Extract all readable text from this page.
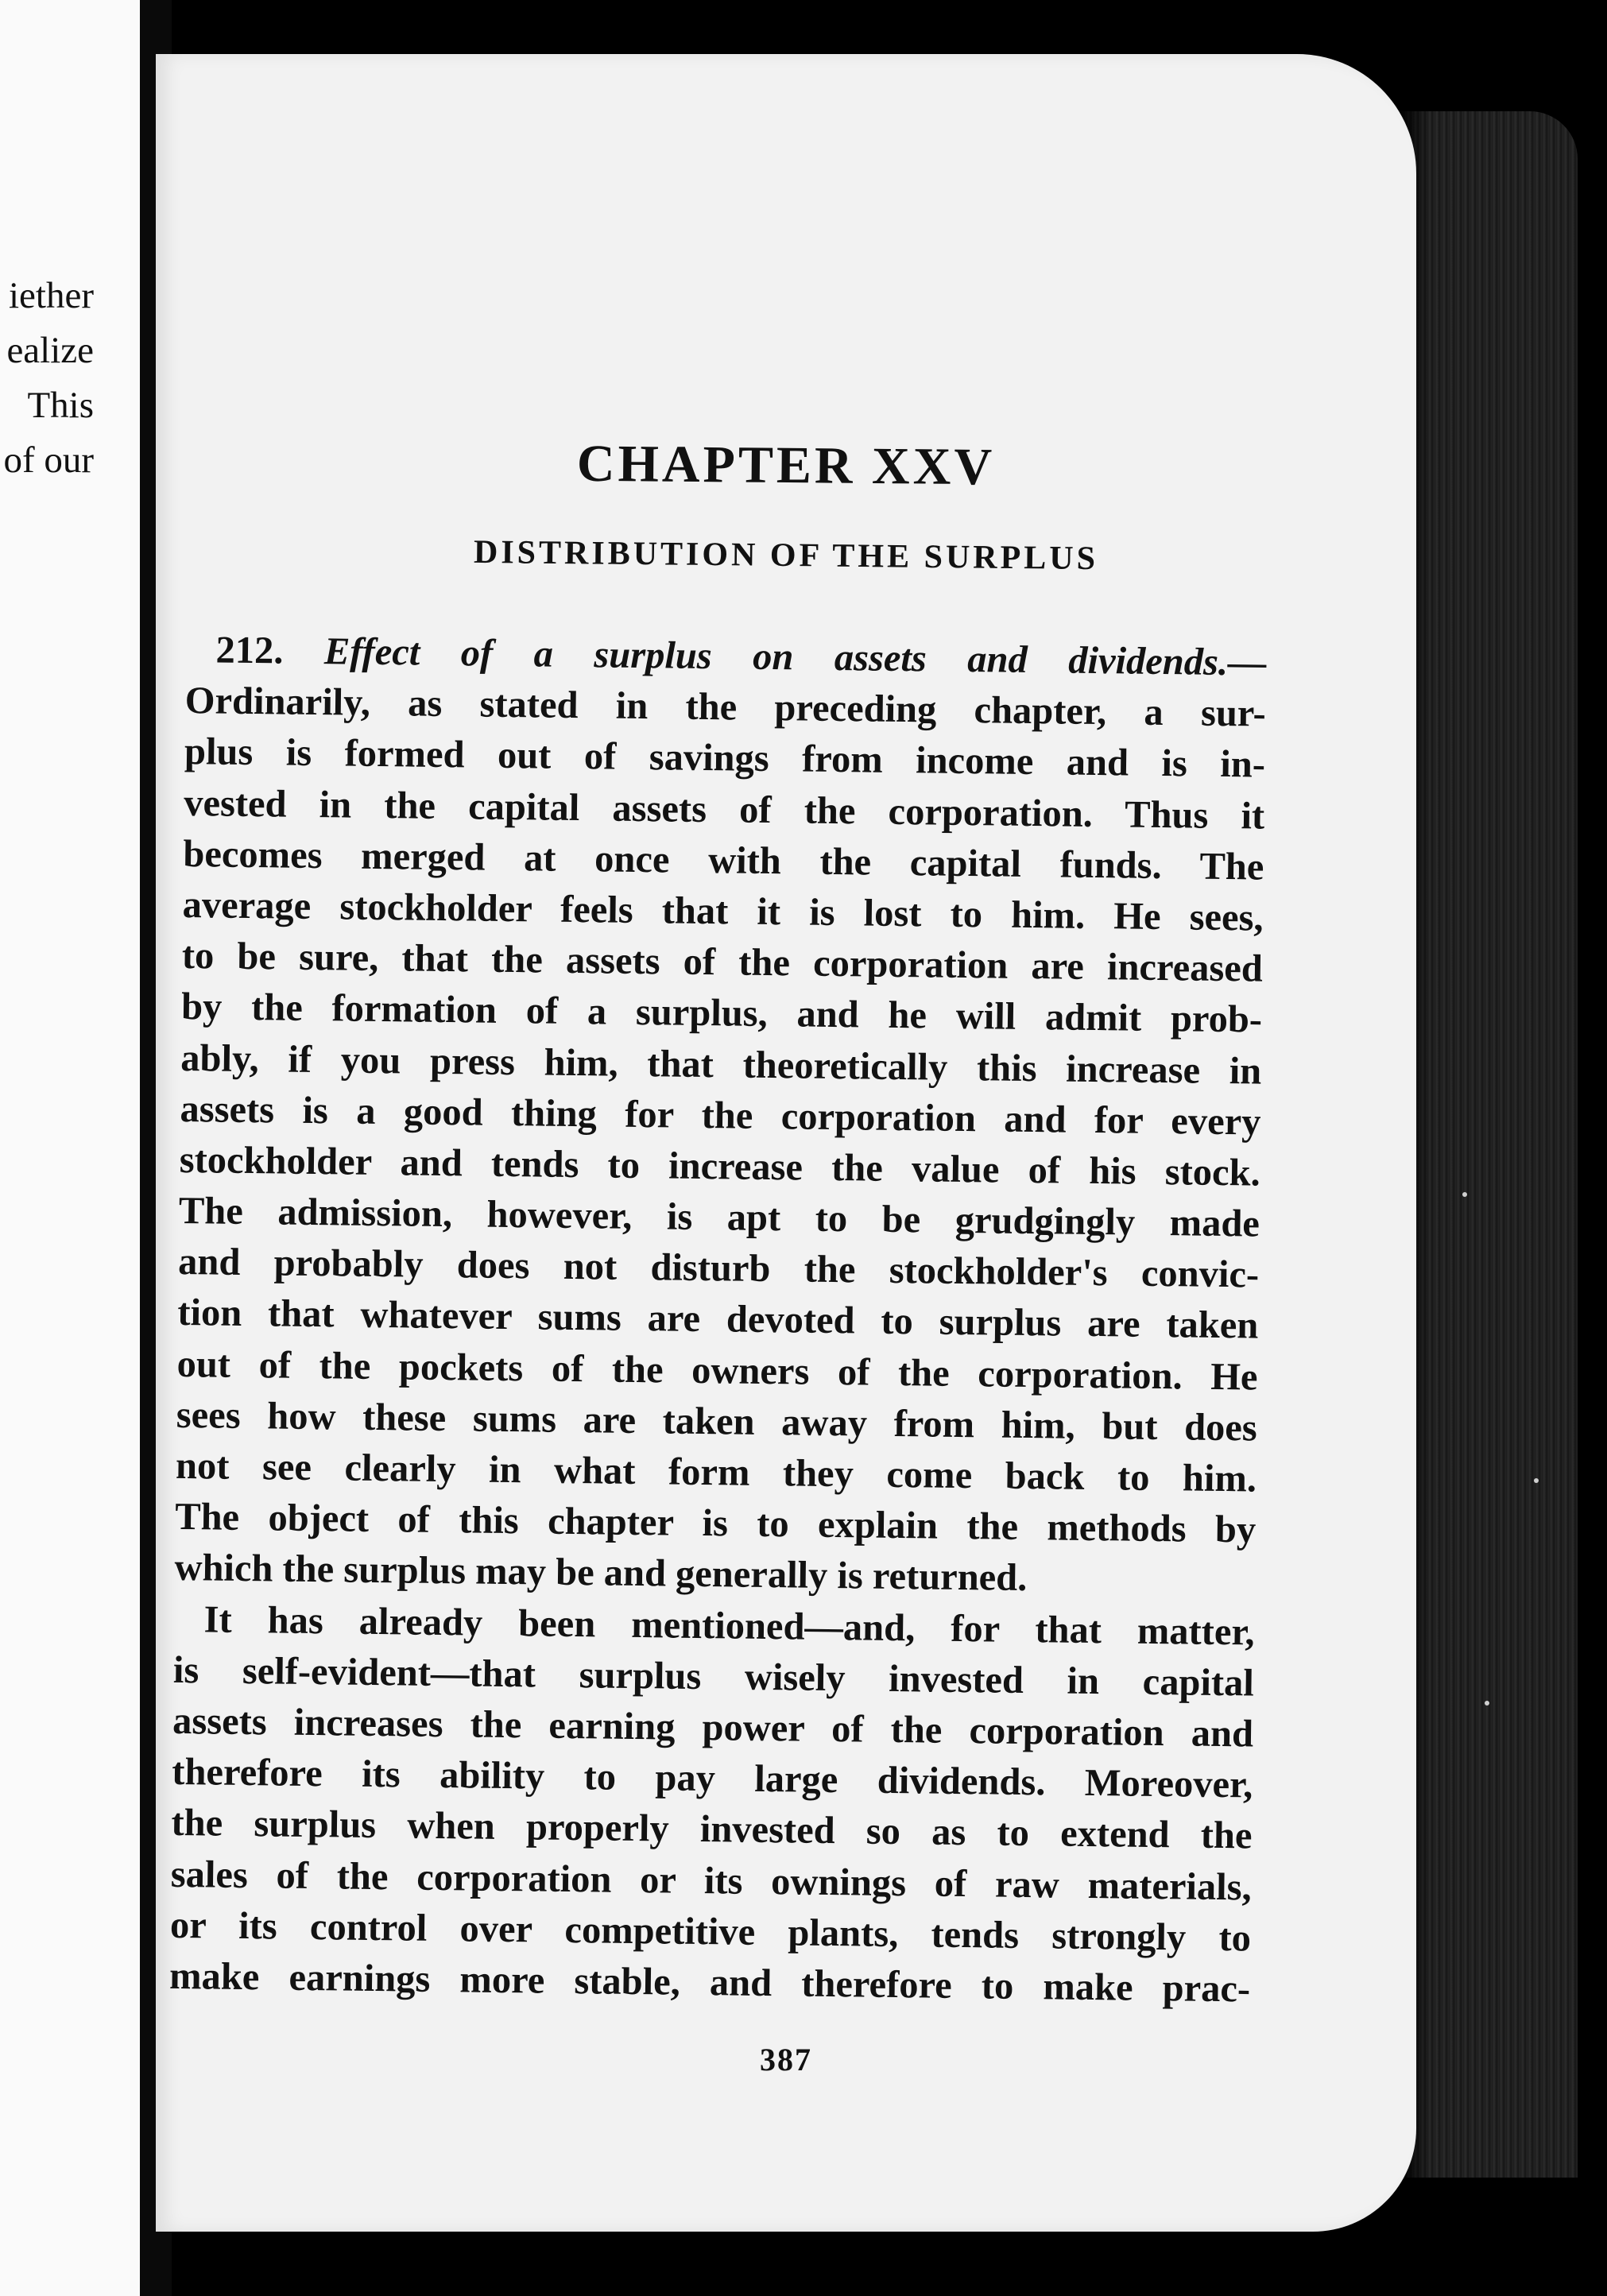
iether
ealize
This
of our	CHAPTER XXV
DISTRIBUTION OF THE SURPLUS
212. Effect of a surplus on assets and dividends.—
Ordinarily, as stated in the preceding chapter, a sur-
plus is formed out of savings from income and is in-
vested in the capital assets of the corporation. Thus it
becomes merged at once with the capital funds. The
average stockholder feels that it is lost to him. He sees,
to be sure, that the assets of the corporation are increased
by the formation of a surplus, and he will admit prob-
ably, if you press him, that theoretically this increase in
assets is a good thing for the corporation and for every
stockholder and tends to increase the value of his stock.
The admission, however, is apt to be grudgingly made
and probably does not disturb the stockholder's convic-
tion that whatever sums are devoted to surplus are taken
out of the pockets of the owners of the corporation. He
sees how these sums are taken away from him, but does
not see clearly in what form they come back to him.
The object of this chapter is to explain the methods by
which the surplus may be and generally is returned.
It has already been mentioned—and, for that matter,
is self-evident—that surplus wisely invested in capital
assets increases the earning power of the corporation and
therefore its ability to pay large dividends. Moreover,
the surplus when properly invested so as to extend the
sales of the corporation or its ownings of raw materials,
or its control over competitive plants, tends strongly to
make earnings more stable, and therefore to make prac-
387
